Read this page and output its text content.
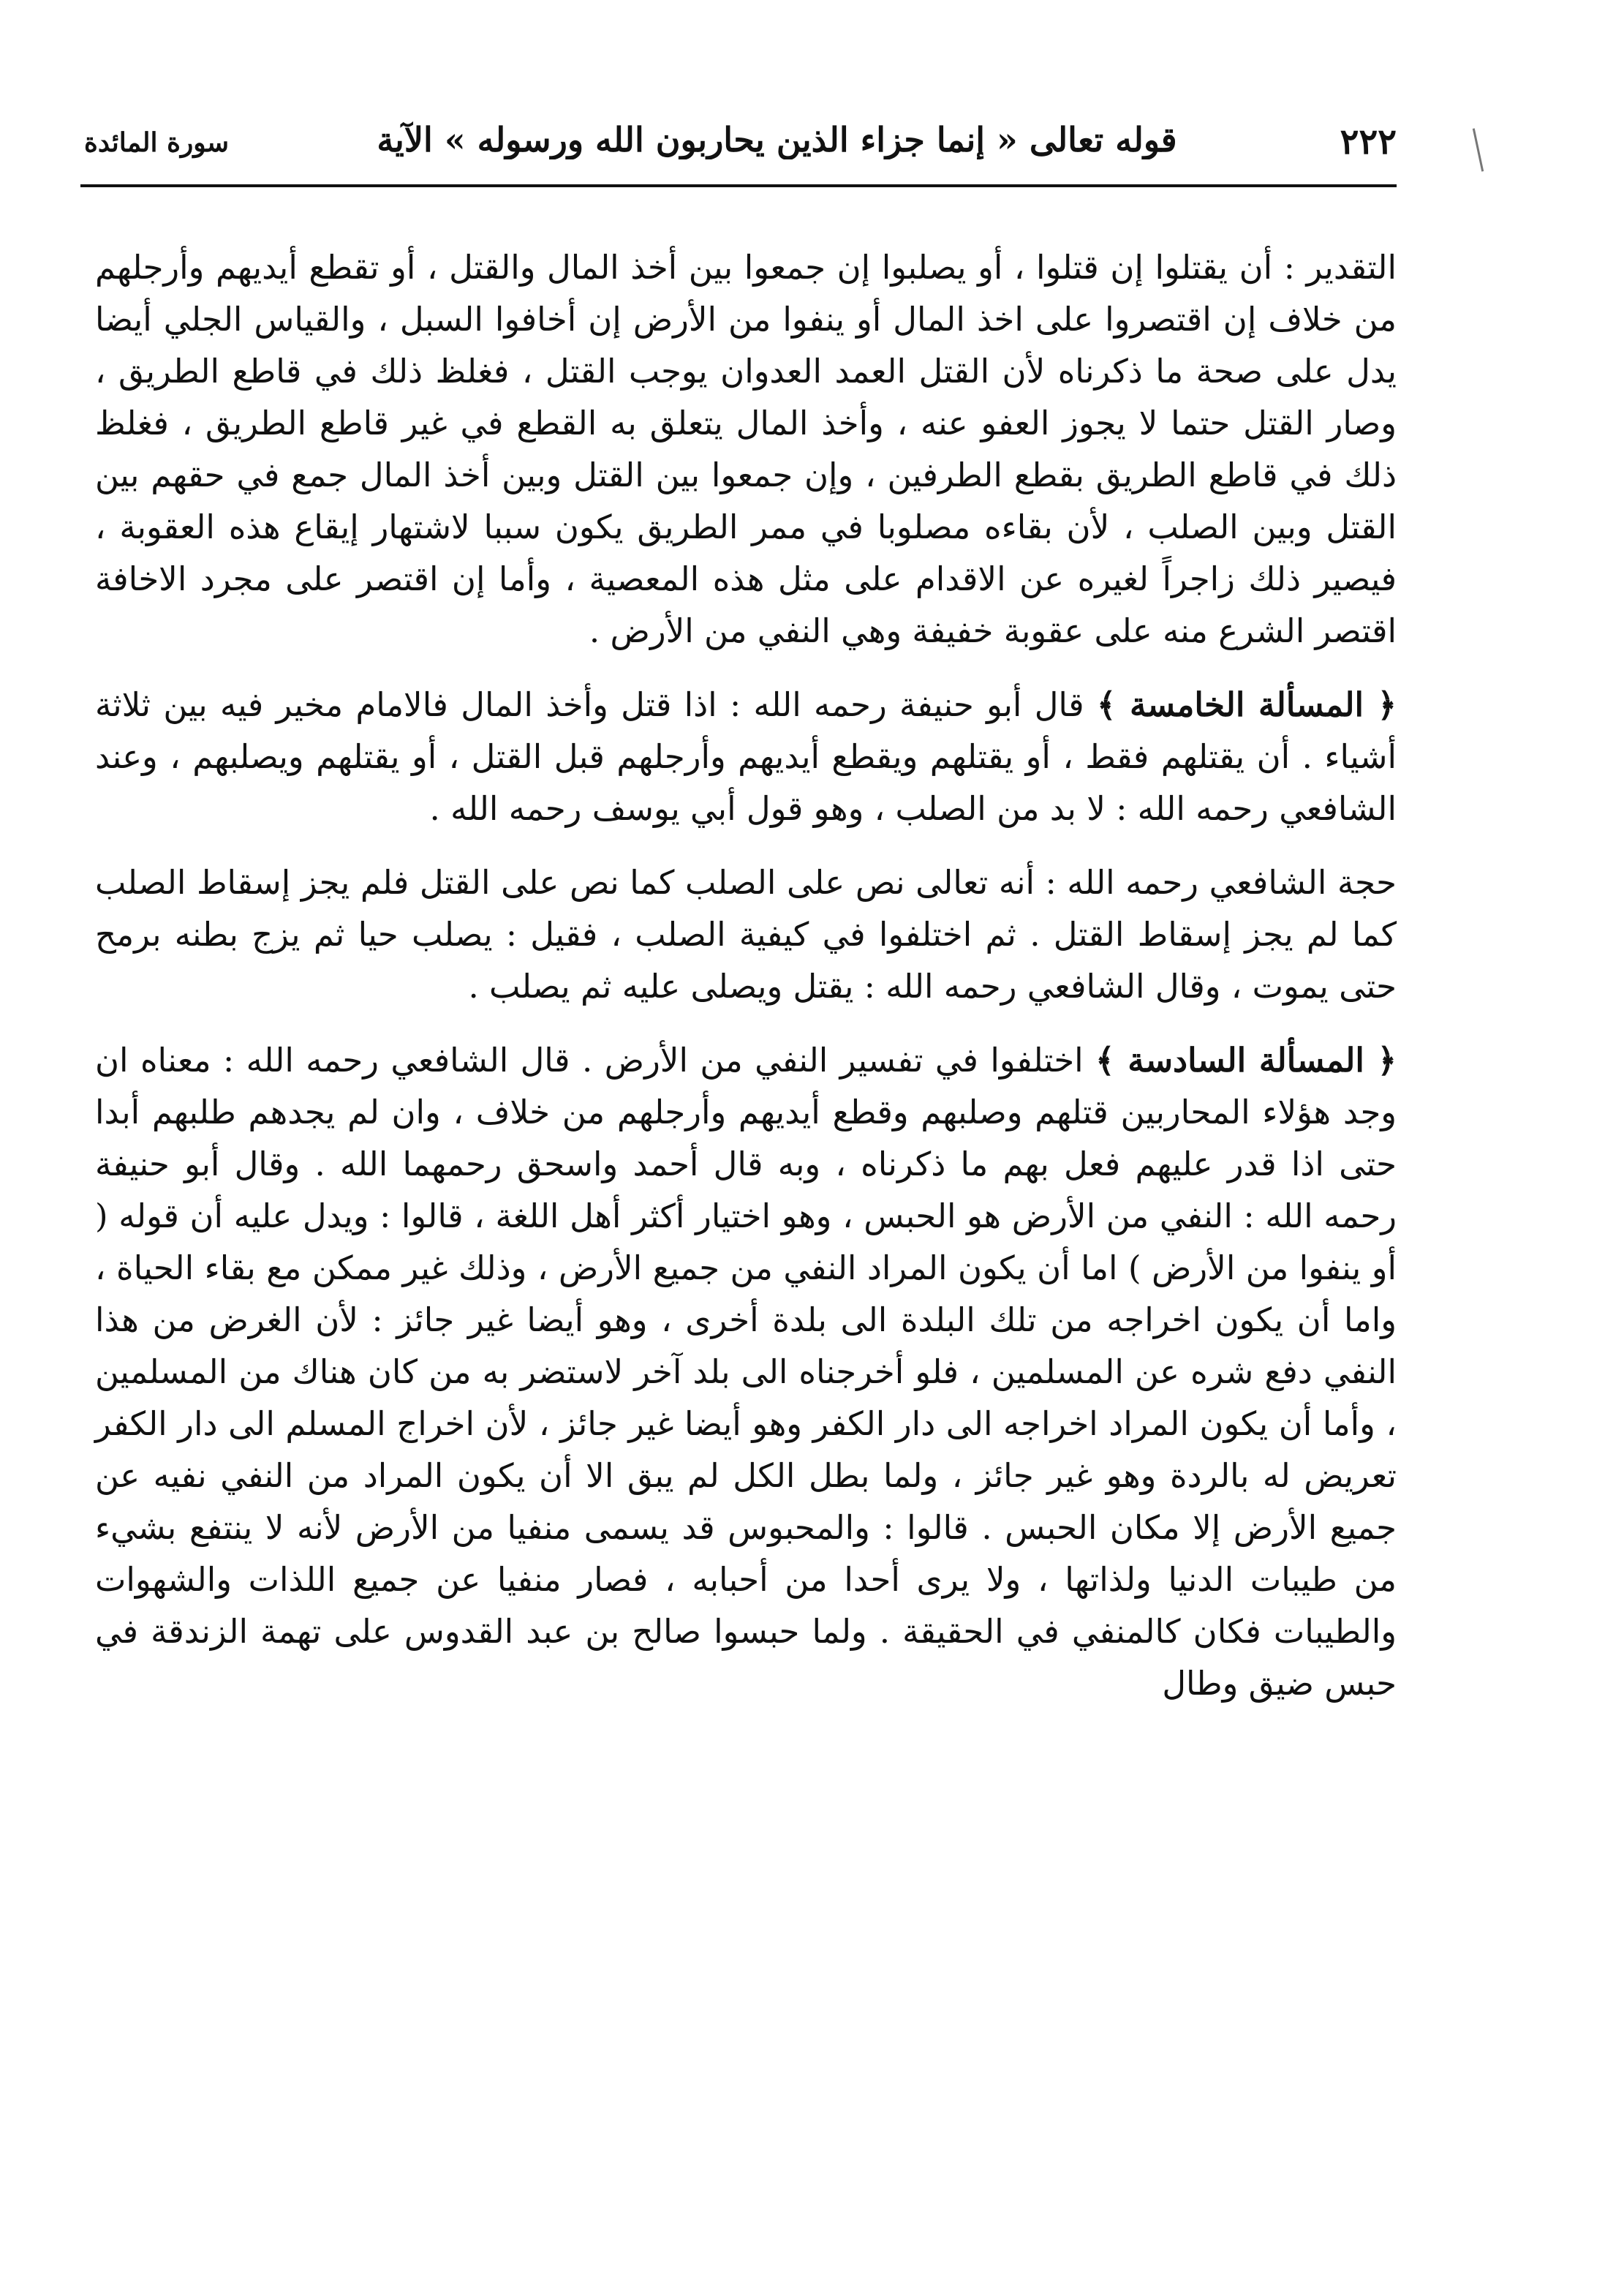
٢٢٢
قوله تعالى « إنما جزاء الذين يحاربون الله ورسوله » الآية
سورة المائدة

التقدير : أن يقتلوا إن قتلوا ، أو يصلبوا إن جمعوا بين أخذ المال والقتل ، أو تقطع أيديهم وأرجلهم من خلاف إن اقتصروا على اخذ المال أو ينفوا من الأرض إن أخافوا السبل ، والقياس الجلي أيضا يدل على صحة ما ذكرناه لأن القتل العمد العدوان يوجب القتل ، فغلظ ذلك في قاطع الطريق ، وصار القتل حتما لا يجوز العفو عنه ، وأخذ المال يتعلق به القطع في غير قاطع الطريق ، فغلظ ذلك في قاطع الطريق بقطع الطرفين ، وإن جمعوا بين القتل وبين أخذ المال جمع في حقهم بين القتل وبين الصلب ، لأن بقاءه مصلوبا في ممر الطريق يكون سببا لاشتهار إيقاع هذه العقوبة ، فيصير ذلك زاجراً لغيره عن الاقدام على مثل هذه المعصية ، وأما إن اقتصر على مجرد الاخافة اقتصر الشرع منه على عقوبة خفيفة وهي النفي من الأرض .

﴿ المسألة الخامسة ﴾ قال أبو حنيفة رحمه الله : اذا قتل وأخذ المال فالامام مخير فيه بين ثلاثة أشياء . أن يقتلهم فقط ، أو يقتلهم ويقطع أيديهم وأرجلهم قبل القتل ، أو يقتلهم ويصلبهم ، وعند الشافعي رحمه الله : لا بد من الصلب ، وهو قول أبي يوسف رحمه الله .

حجة الشافعي رحمه الله : أنه تعالى نص على الصلب كما نص على القتل فلم يجز إسقاط الصلب كما لم يجز إسقاط القتل . ثم اختلفوا في كيفية الصلب ، فقيل : يصلب حيا ثم يزج بطنه برمح حتى يموت ، وقال الشافعي رحمه الله : يقتل ويصلى عليه ثم يصلب .

﴿ المسألة السادسة ﴾ اختلفوا في تفسير النفي من الأرض . قال الشافعي رحمه الله : معناه ان وجد هؤلاء المحاربين قتلهم وصلبهم وقطع أيديهم وأرجلهم من خلاف ، وان لم يجدهم طلبهم أبدا حتى اذا قدر عليهم فعل بهم ما ذكرناه ، وبه قال أحمد واسحق رحمهما الله . وقال أبو حنيفة رحمه الله : النفي من الأرض هو الحبس ، وهو اختيار أكثر أهل اللغة ، قالوا : ويدل عليه أن قوله ( أو ينفوا من الأرض ) اما أن يكون المراد النفي من جميع الأرض ، وذلك غير ممكن مع بقاء الحياة ، واما أن يكون اخراجه من تلك البلدة الى بلدة أخرى ، وهو أيضا غير جائز : لأن الغرض من هذا النفي دفع شره عن المسلمين ، فلو أخرجناه الى بلد آخر لاستضر به من كان هناك من المسلمين ، وأما أن يكون المراد اخراجه الى دار الكفر وهو أيضا غير جائز ، لأن اخراج المسلم الى دار الكفر تعريض له بالردة وهو غير جائز ، ولما بطل الكل لم يبق الا أن يكون المراد من النفي نفيه عن جميع الأرض إلا مكان الحبس . قالوا : والمحبوس قد يسمى منفيا من الأرض لأنه لا ينتفع بشيء من طيبات الدنيا ولذاتها ، ولا يرى أحدا من أحبابه ، فصار منفيا عن جميع اللذات والشهوات والطيبات فكان كالمنفي في الحقيقة . ولما حبسوا صالح بن عبد القدوس على تهمة الزندقة في حبس ضيق وطال
